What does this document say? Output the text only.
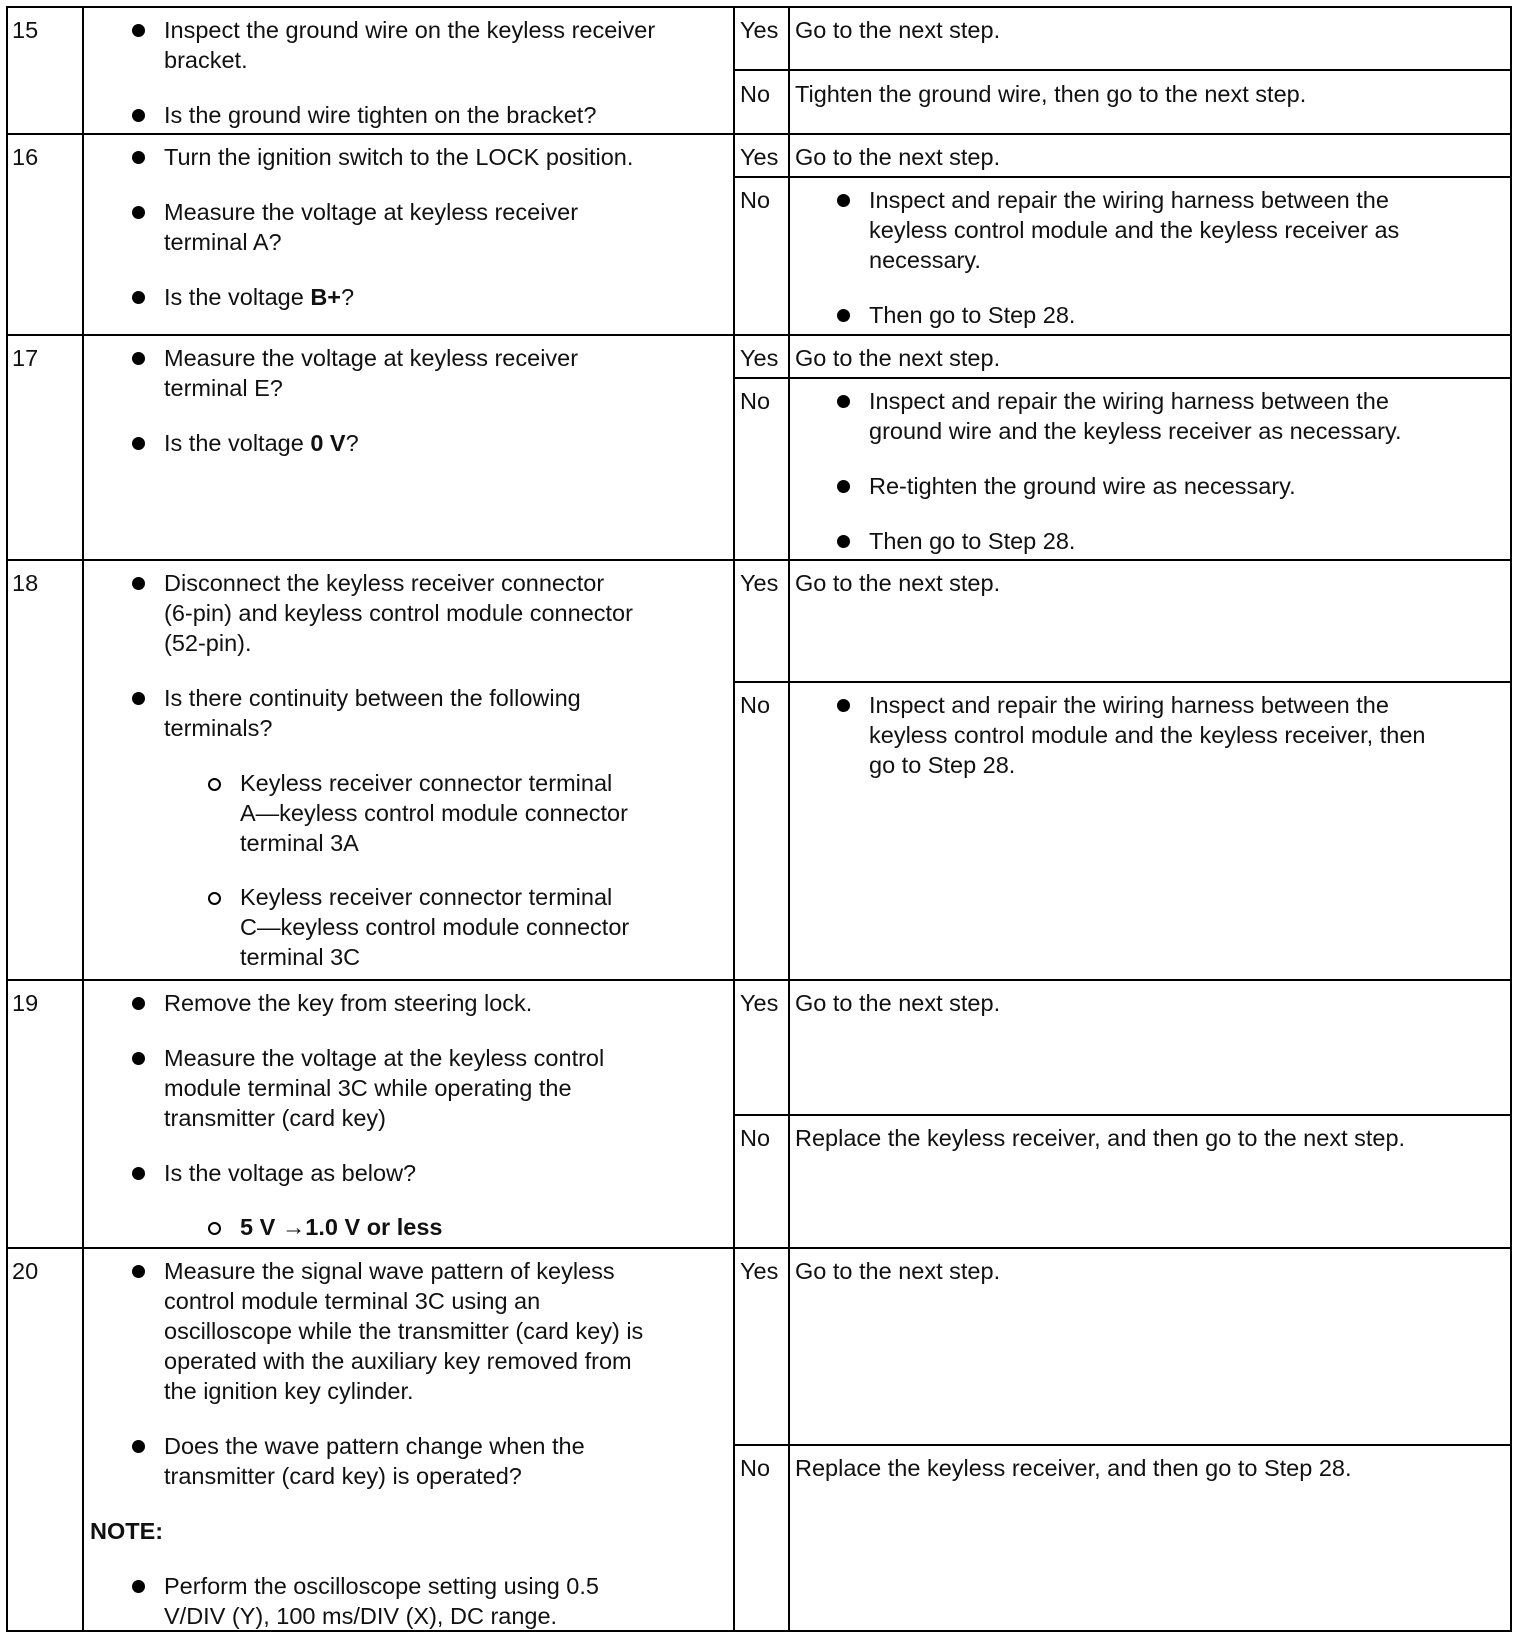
15	Inspect the ground wire on the keyless receiver
bracket.
Is the ground wire tighten on the bracket?
Yes Go to the next step.
No Tighten the ground wire, then go to the next step.
16	Turn the ignition switch to the LOCK position.
Measure the voltage at keyless receiver
terminal A?
Is the voltage B+?
Yes Go to the next step.
No	Inspect and repair the wiring harness between the
keyless control module and the keyless receiver as
necessary.
Then go to Step 28.
17	Measure the voltage at keyless receiver
terminal E?
Is the voltage 0 V?
Yes Go to the next step.
No	Inspect and repair the wiring harness between the
ground wire and the keyless receiver as necessary.
Re-tighten the ground wire as necessary.
Then go to Step 28.
18	Disconnect the keyless receiver connector
(6-pin) and keyless control module connector
(52-pin).
Is there continuity between the following
terminals?
Keyless receiver connector terminal
A—keyless control module connector
terminal 3A
Keyless receiver connector terminal
C—keyless control module connector
terminal 3C
Yes Go to the next step.
No	Inspect and repair the wiring harness between the
keyless control module and the keyless receiver, then
go to Step 28.
19	Remove the key from steering lock.
Measure the voltage at the keyless control
module terminal 3C while operating the
transmitter (card key)
Is the voltage as below?
5 V →1.0 V or less
Yes Go to the next step.
No Replace the keyless receiver, and then go to the next step.
20	Measure the signal wave pattern of keyless
control module terminal 3C using an
oscilloscope while the transmitter (card key) is
operated with the auxiliary key removed from
the ignition key cylinder.
Does the wave pattern change when the
transmitter (card key) is operated?
NOTE:
Perform the oscilloscope setting using 0.5
V/DIV (Y), 100 ms/DIV (X), DC range.
Yes Go to the next step.
No Replace the keyless receiver, and then go to Step 28.
